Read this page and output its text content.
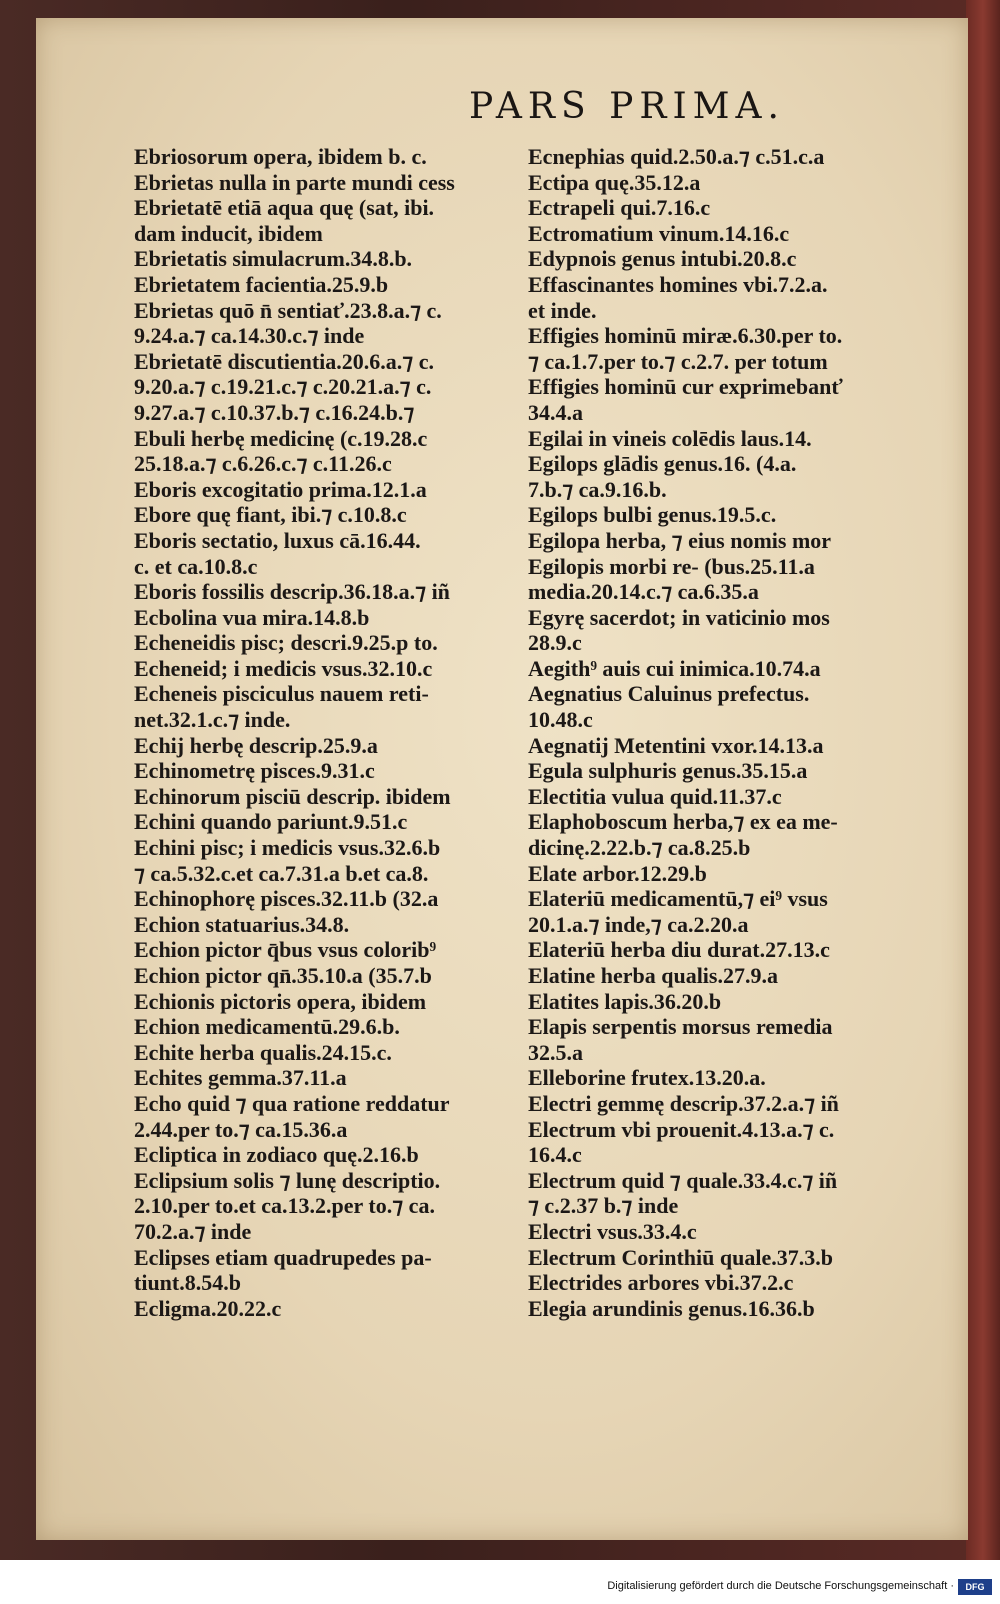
PARS PRIMA.
Ebriosorum opera, ibidem b. c.
Ebrietas nulla in parte mundi cess
Ebrietatē etiā aqua quę (sat, ibi.
dam inducit, ibidem
Ebrietatis simulacrum.34.8.b.
Ebrietatem facientia.25.9.b
Ebrietas quō n̄ sentiať.23.8.a.⁊ c.
9.24.a.⁊ ca.14.30.c.⁊ inde
Ebrietatē discutientia.20.6.a.⁊ c.
9.20.a.⁊ c.19.21.c.⁊ c.20.21.a.⁊ c.
9.27.a.⁊ c.10.37.b.⁊ c.16.24.b.⁊
Ebuli herbę medicinę (c.19.28.c
25.18.a.⁊ c.6.26.c.⁊ c.11.26.c
Eboris excogitatio prima.12.1.a
Ebore quę fiant, ibi.⁊ c.10.8.c
Eboris sectatio, luxus cā.16.44.
c. et ca.10.8.c
Eboris fossilis descrip.36.18.a.⁊ iñ
Ecbolina vua mira.14.8.b
Echeneidis pisc; descri.9.25.p to.
Echeneid; i medicis vsus.32.10.c
Echeneis pisciculus nauem reti-
net.32.1.c.⁊ inde.
Echij herbę descrip.25.9.a
Echinometrę pisces.9.31.c
Echinorum pisciū descrip. ibidem
Echini quando pariunt.9.51.c
Echini pisc; i medicis vsus.32.6.b
⁊ ca.5.32.c.et ca.7.31.a b.et ca.8.
Echinophorę pisces.32.11.b (32.a
Echion statuarius.34.8.
Echion pictor q̄bus vsus colorib⁹
Echion pictor qn̄.35.10.a (35.7.b
Echionis pictoris opera, ibidem
Echion medicamentū.29.6.b.
Echite herba qualis.24.15.c.
Echites gemma.37.11.a
Echo quid ⁊ qua ratione reddatur
2.44.per to.⁊ ca.15.36.a
Ecliptica in zodiaco quę.2.16.b
Eclipsium solis ⁊ lunę descriptio.
2.10.per to.et ca.13.2.per to.⁊ ca.
70.2.a.⁊ inde
Eclipses etiam quadrupedes pa-
tiunt.8.54.b
Ecligma.20.22.c
Ecnephias quid.2.50.a.⁊ c.51.c.a
Ectipa quę.35.12.a
Ectrapeli qui.7.16.c
Ectromatium vinum.14.16.c
Edypnois genus intubi.20.8.c
Effascinantes homines vbi.7.2.a.
et inde.
Effigies hominū miræ.6.30.per to.
⁊ ca.1.7.per to.⁊ c.2.7. per totum
Effigies hominū cur exprimebanť
34.4.a
Egilai in vineis colēdis laus.14.
Egilops glādis genus.16. (4.a.
7.b.⁊ ca.9.16.b.
Egilops bulbi genus.19.5.c.
Egilopa herba, ⁊ eius nomis mor
Egilopis morbi re- (bus.25.11.a
media.20.14.c.⁊ ca.6.35.a
Egyrę sacerdot; in vaticinio mos
28.9.c
Aegith⁹ auis cui inimica.10.74.a
Aegnatius Caluinus prefectus.
10.48.c
Aegnatij Metentini vxor.14.13.a
Egula sulphuris genus.35.15.a
Electitia vulua quid.11.37.c
Elaphoboscum herba,⁊ ex ea me-
dicinę.2.22.b.⁊ ca.8.25.b
Elate arbor.12.29.b
Elateriū medicamentū,⁊ ei⁹ vsus
20.1.a.⁊ inde,⁊ ca.2.20.a
Elateriū herba diu durat.27.13.c
Elatine herba qualis.27.9.a
Elatites lapis.36.20.b
Elapis serpentis morsus remedia
32.5.a
Elleborine frutex.13.20.a.
Electri gemmę descrip.37.2.a.⁊ iñ
Electrum vbi prouenit.4.13.a.⁊ c.
16.4.c
Electrum quid ⁊ quale.33.4.c.⁊ iñ
⁊ c.2.37 b.⁊ inde
Electri vsus.33.4.c
Electrum Corinthiū quale.37.3.b
Electrides arbores vbi.37.2.c
Elegia arundinis genus.16.36.b
Digitalisierung gefördert durch die Deutsche Forschungsgemeinschaft ·	DFG
